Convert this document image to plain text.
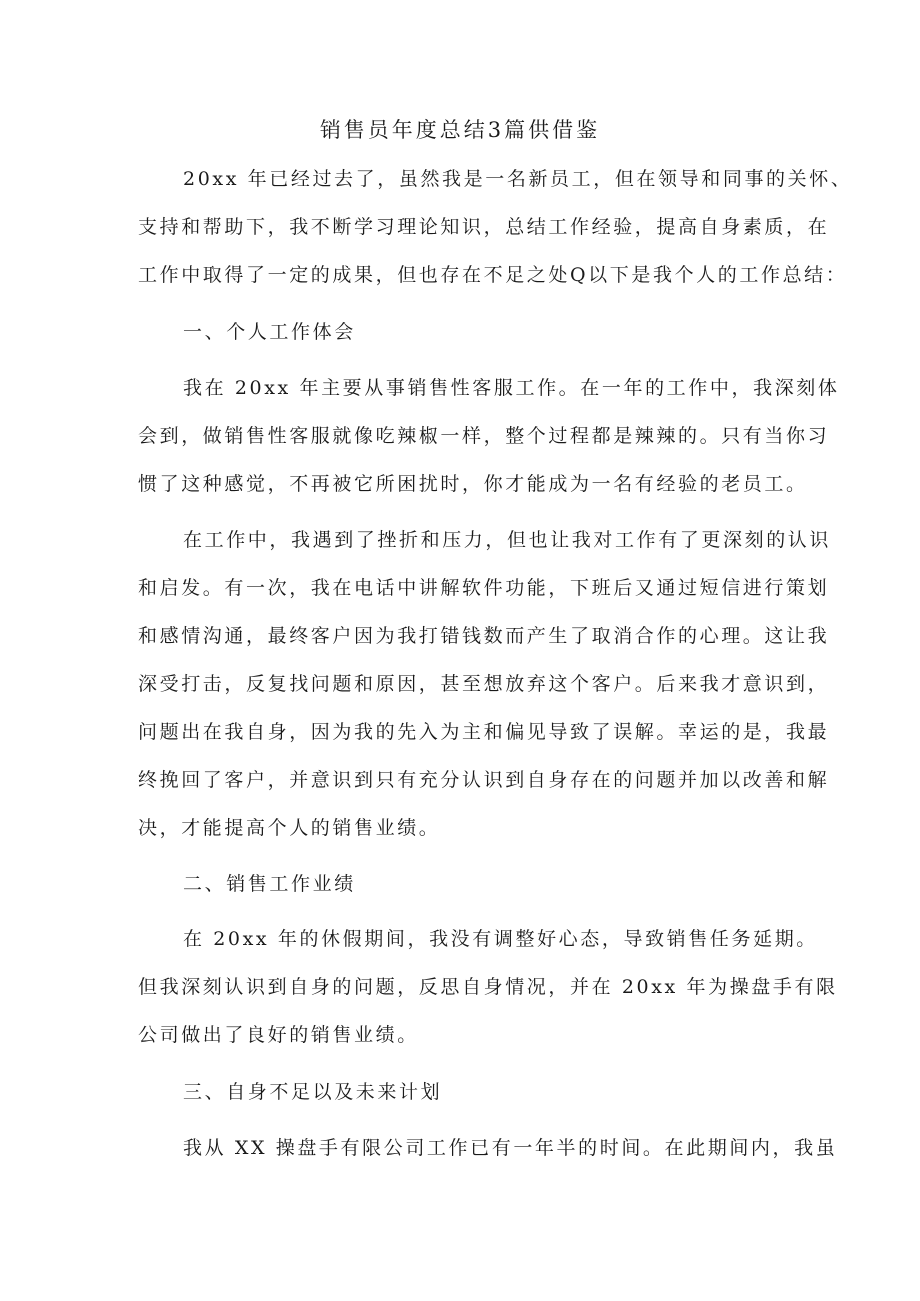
销售员年度总结3篇供借鉴
20xx 年已经过去了，虽然我是一名新员工，但在领导和同事的关怀、
支持和帮助下，我不断学习理论知识，总结工作经验，提高自身素质，在
工作中取得了一定的成果，但也存在不足之处Q以下是我个人的工作总结：
一、个人工作体会
我在 20xx 年主要从事销售性客服工作。在一年的工作中，我深刻体
会到，做销售性客服就像吃辣椒一样，整个过程都是辣辣的。只有当你习
惯了这种感觉，不再被它所困扰时，你才能成为一名有经验的老员工。
在工作中，我遇到了挫折和压力，但也让我对工作有了更深刻的认识
和启发。有一次，我在电话中讲解软件功能，下班后又通过短信进行策划
和感情沟通，最终客户因为我打错钱数而产生了取消合作的心理。这让我
深受打击，反复找问题和原因，甚至想放弃这个客户。后来我才意识到，
问题出在我自身，因为我的先入为主和偏见导致了误解。幸运的是，我最
终挽回了客户，并意识到只有充分认识到自身存在的问题并加以改善和解
决，才能提高个人的销售业绩。
二、销售工作业绩
在 20xx 年的休假期间，我没有调整好心态，导致销售任务延期。
但我深刻认识到自身的问题，反思自身情况，并在 20xx 年为操盘手有限
公司做出了良好的销售业绩。
三、自身不足以及未来计划
我从 XX 操盘手有限公司工作已有一年半的时间。在此期间内，我虽
